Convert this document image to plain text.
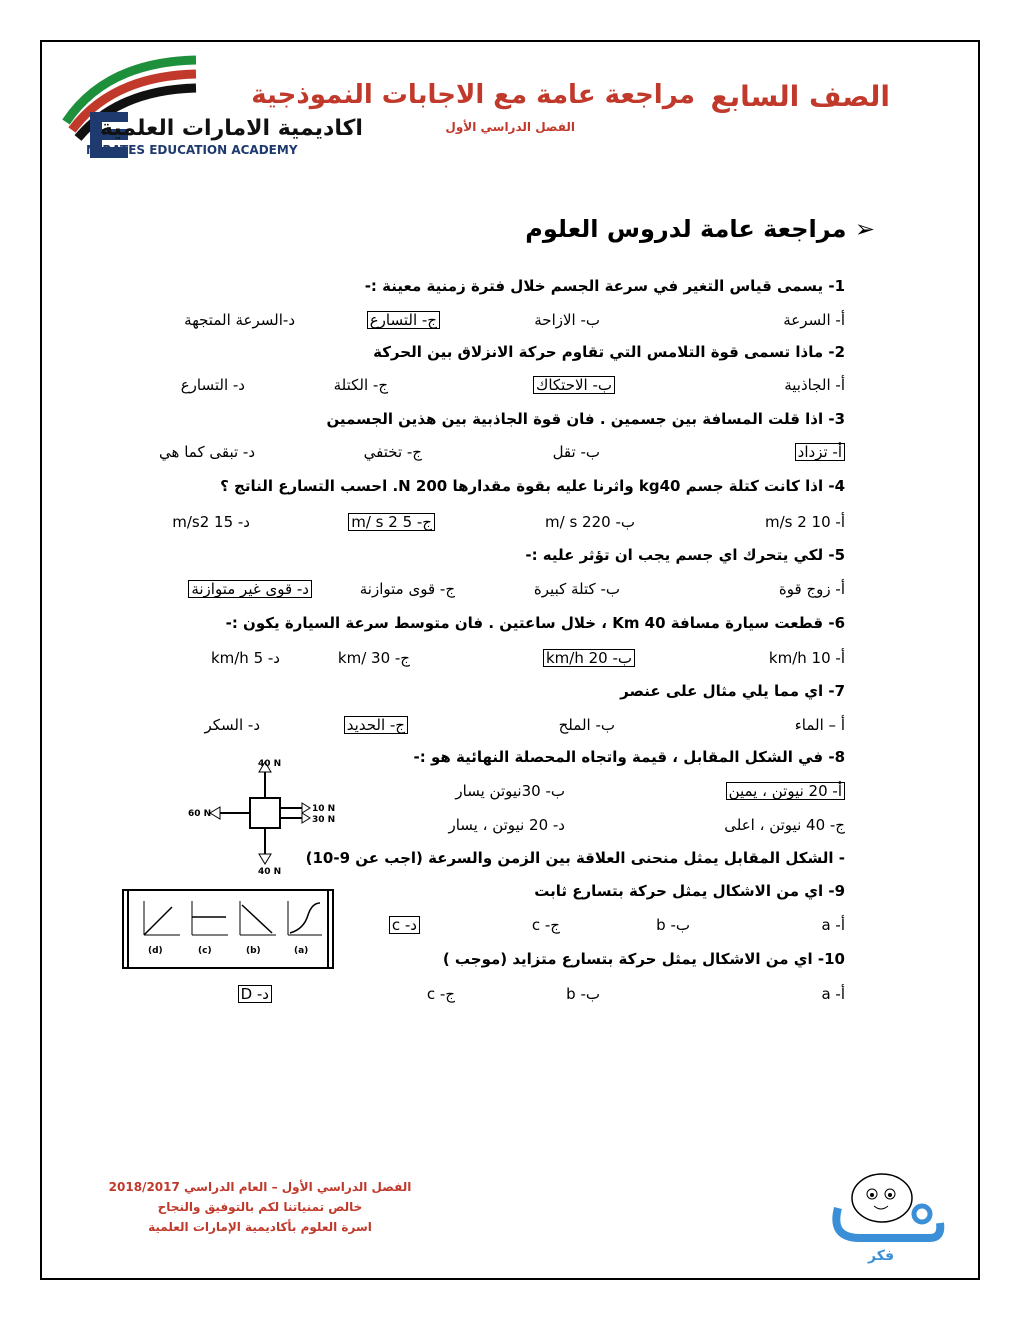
اكاديمية الامارات العلمية
MIRATES EDUCATION ACADEMY
الصف السابع
مراجعة عامة مع الاجابات النموذجية
الفصل الدراسي الأول
➢ مراجعة عامة لدروس العلوم
1- يسمى قياس التغير في سرعة الجسم خلال فترة زمنية معينة :-
أ- السرعة
ب- الازاحة
ج- التسارع
د-السرعة المتجهة
2- ماذا تسمى قوة التلامس التي تقاوم حركة الانزلاق بين الحركة
أ- الجاذبية
ب- الاحتكاك
ج- الكتلة
د- التسارع
3- اذا قلت المسافة بين جسمين . فان قوة الجاذبية بين هذين الجسمين
أ- تزداد
ب- تقل
ج- تختفي
د- تبقى كما هي
4- اذا كانت كتلة جسم kg40 واثرنا عليه بقوة مقدارها N 200. احسب التسارع الناتج ؟
أ- m/s 2 10
ب- m/ s 220
ج- m/ s 2 5
د- m/s2 15
5- لكي يتحرك اي جسم يجب ان تؤثر عليه :-
أ- زوج قوة
ب- كتلة كبيرة
ج- قوى متوازنة
د- قوى غير متوازنة
6- قطعت سيارة مسافة Km 40 ، خلال ساعتين . فان متوسط سرعة السيارة يكون :-
أ- km/h 10
ب- km/h 20
ج- km/ 30
د- km/h 5
7- اي مما يلي مثال على عنصر
أ – الماء
ب- الملح
ج- الحديد
د- السكر
8- في الشكل المقابل ، قيمة واتجاه المحصلة النهائية هو :-
أ- 20 نيوتن ، يمين
ب- 30نيوتن يسار
ج- 40 نيوتن ، اعلى
د- 20 نيوتن ، يسار
40 N
40 N
60 N	10 N
30 N
- الشكل المقابل يمثل منحنى العلاقة بين الزمن والسرعة (اجب عن 9-10)
9- اي من الاشكال يمثل حركة بتسارع ثابت
أ- a
ب- b
ج- c
د- c
(d)	(c)	(b)	(a)	10- اي من الاشكال يمثل حركة بتسارع متزايد (موجب )
أ- a
ب- b
ج- c
د- D
الفصل الدراسي الأول – العام الدراسي 2018/2017
خالص تمنياتنا لكم بالتوفيق والنجاح
اسرة العلوم بأكاديمية الإمارات العلمية
فكر
